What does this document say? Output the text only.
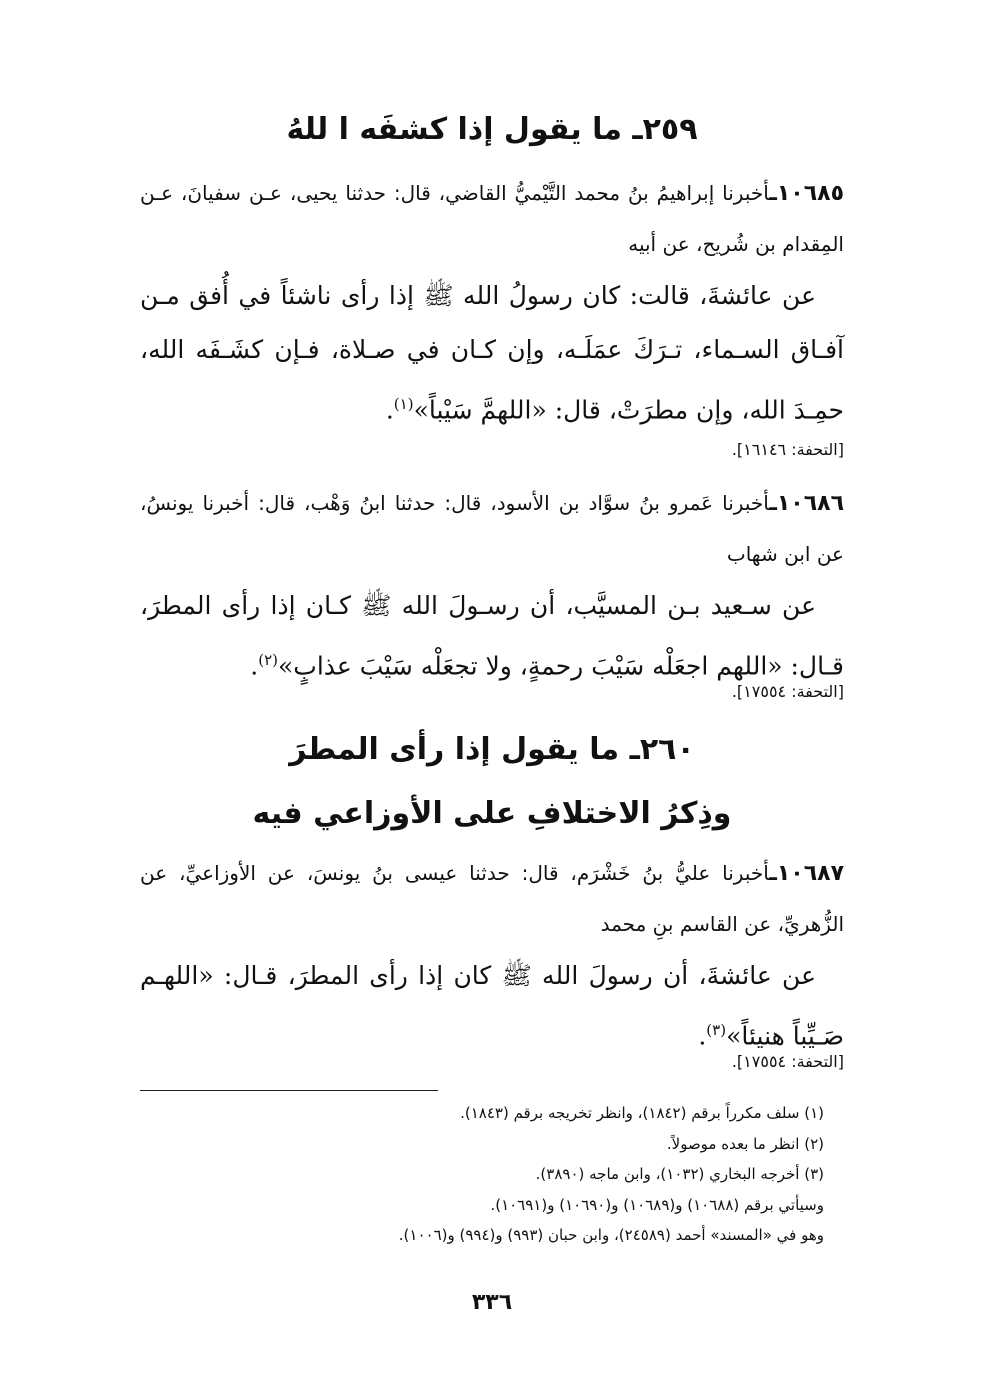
٢٥٩ـ ما يقول إذا كشفَه ا للهُ
١٠٦٨٥ـأخبرنا إبراهيمُ بنُ محمد التَّيْميُّ القاضي، قال: حدثنا يحيى، عـن سفيانَ، عـن المِقدام بن شُريح، عن أبيه
عن عائشةَ، قالت: كان رسولُ الله ﷺ إذا رأى ناشئاً في أُفق مـن آفـاق السـماء، تـرَكَ عمَلَـه، وإن كـان في صـلاة، فـإن كشَـفَه الله، حمِـدَ الله، وإن مطرَتْ، قال: «اللهمَّ سَيْباً»$^{(١)}$.
[التحفة: ١٦١٤٦].
١٠٦٨٦ـأخبرنا عَمرو بنُ سوَّاد بن الأسود، قال: حدثنا ابنُ وَهْب، قال: أخبرنا يونسُ، عن ابن شهاب
عن سـعيد بـن المسيَّب، أن رسـولَ الله ﷺ كـان إذا رأى المطرَ، قـال: «اللهم اجعَلْه سَيْبَ رحمةٍ، ولا تجعَلْه سَيْبَ عذابٍ»$^{(٢)}$.
[التحفة: ١٧٥٥٤].
٢٦٠ـ ما يقول إذا رأى المطرَ
وذِكرُ الاختلافِ على الأوزاعي فيه
١٠٦٨٧ـأخبرنا عليُّ بنُ خَشْرَم، قال: حدثنا عيسى بنُ يونسَ، عن الأوزاعيِّ، عن الزُّهريِّ، عن القاسم بنِ محمد
عن عائشةَ، أن رسولَ الله ﷺ كان إذا رأى المطرَ، قـال: «اللهـم صَـيِّباً هنيئاً»$^{(٣)}$.
[التحفة: ١٧٥٥٤].
(١) سلف مكرراً برقم (١٨٤٢)، وانظر تخريجه برقم (١٨٤٣).
(٢) انظر ما بعده موصولاً.
(٣) أخرجه البخاري (١٠٣٢)، وابن ماجه (٣٨٩٠).
وسيأتي برقم (١٠٦٨٨) و(١٠٦٨٩) و(١٠٦٩٠) و(١٠٦٩١).
وهو في «المسند» أحمد (٢٤٥٨٩)، وابن حبان (٩٩٣) و(٩٩٤) و(١٠٠٦).
٣٣٦
